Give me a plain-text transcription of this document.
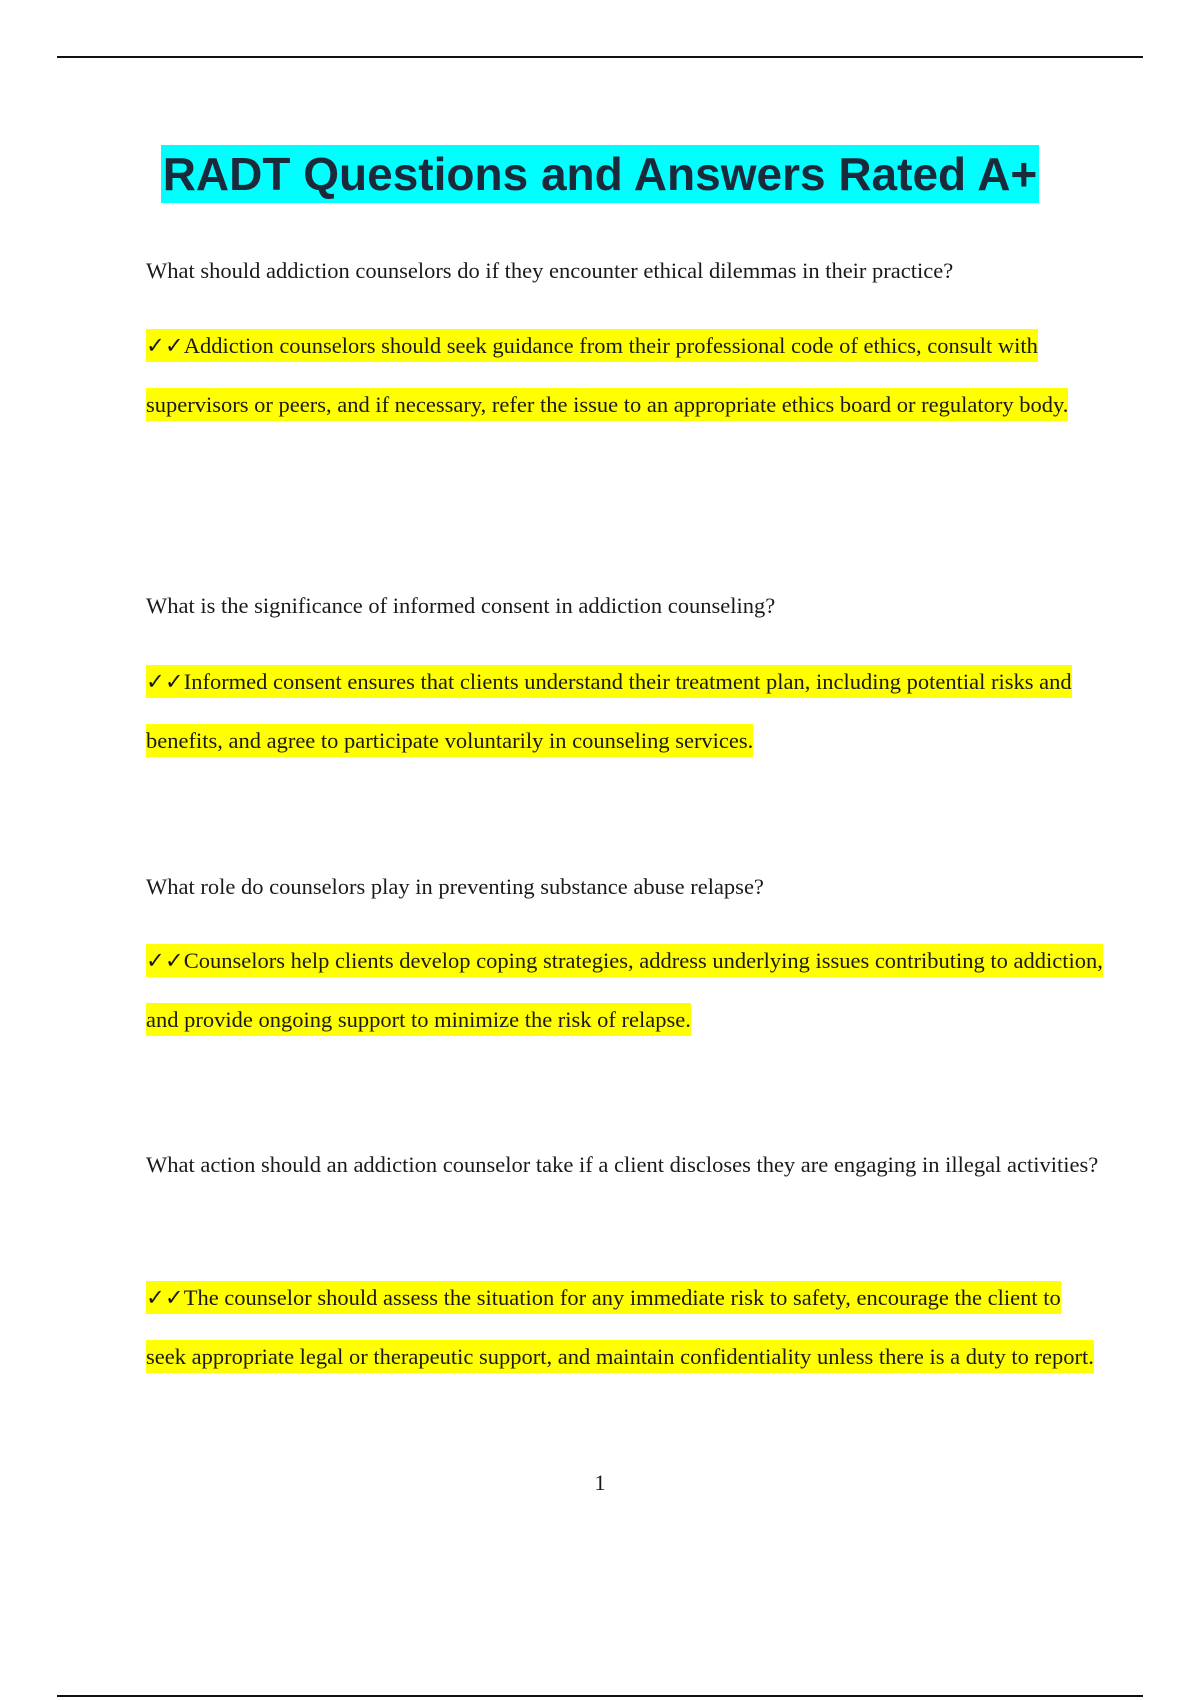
RADT Questions and Answers Rated A+

What should addiction counselors do if they encounter ethical dilemmas in their practice?

✓✓Addiction counselors should seek guidance from their professional code of ethics, consult with supervisors or peers, and if necessary, refer the issue to an appropriate ethics board or regulatory body.

What is the significance of informed consent in addiction counseling?

✓✓Informed consent ensures that clients understand their treatment plan, including potential risks and benefits, and agree to participate voluntarily in counseling services.

What role do counselors play in preventing substance abuse relapse?

✓✓Counselors help clients develop coping strategies, address underlying issues contributing to addiction, and provide ongoing support to minimize the risk of relapse.

What action should an addiction counselor take if a client discloses they are engaging in illegal activities?

✓✓The counselor should assess the situation for any immediate risk to safety, encourage the client to seek appropriate legal or therapeutic support, and maintain confidentiality unless there is a duty to report.

1
